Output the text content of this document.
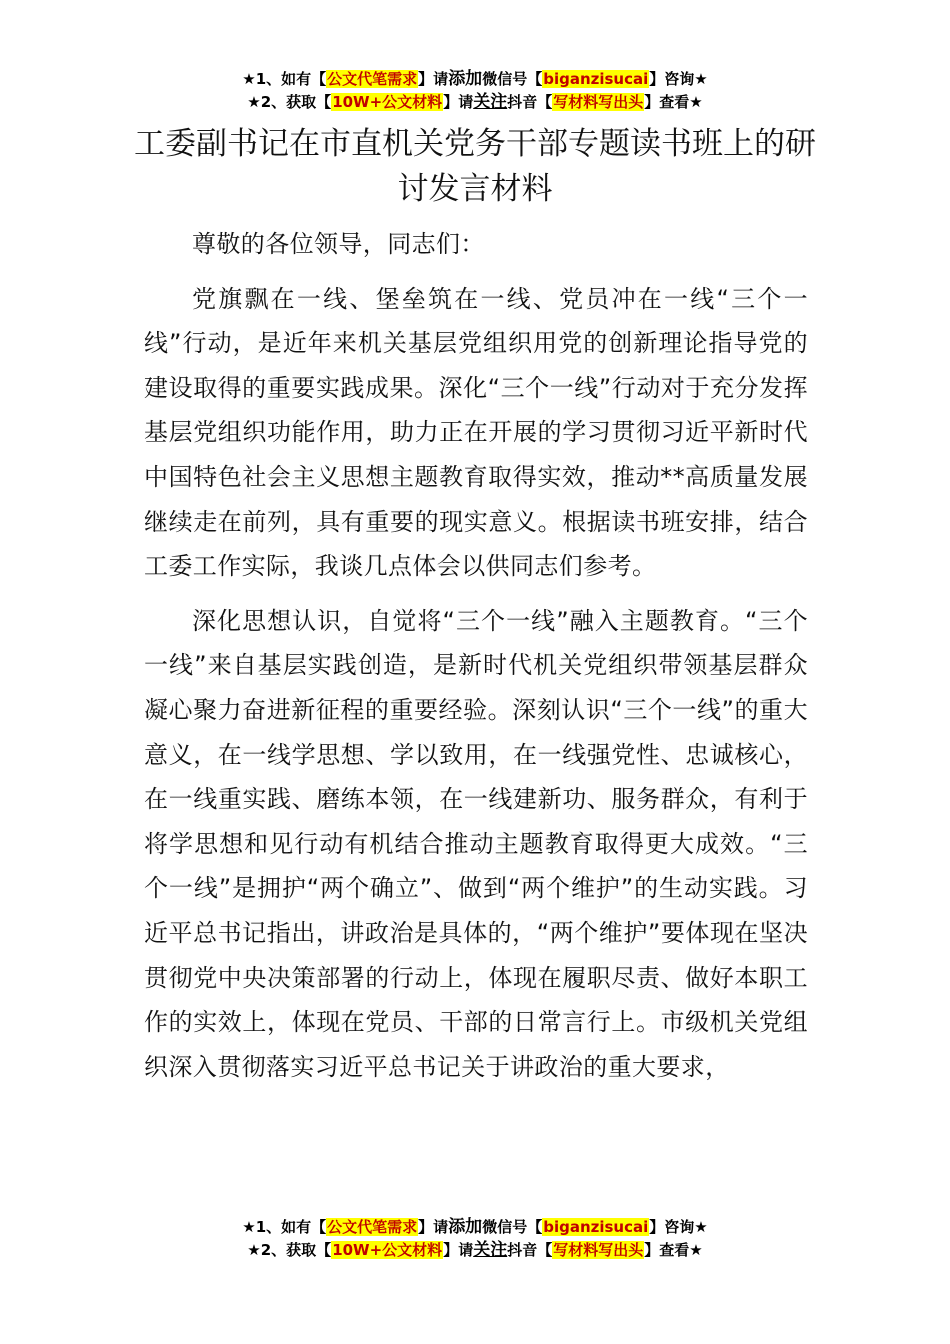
★1、如有【公文代笔需求】请添加微信号【biganzisucai】咨询★
★2、获取【10W+公文材料】请关注抖音【写材料写出头】查看★
工委副书记在市直机关党务干部专题读书班上的研讨发言材料

尊敬的各位领导，同志们：

党旗飘在一线、堡垒筑在一线、党员冲在一线“三个一线”行动，是近年来机关基层党组织用党的创新理论指导党的建设取得的重要实践成果。深化“三个一线”行动对于充分发挥基层党组织功能作用，助力正在开展的学习贯彻习近平新时代中国特色社会主义思想主题教育取得实效，推动**高质量发展继续走在前列，具有重要的现实意义。根据读书班安排，结合工委工作实际，我谈几点体会以供同志们参考。

深化思想认识，自觉将“三个一线”融入主题教育。“三个一线”来自基层实践创造，是新时代机关党组织带领基层群众凝心聚力奋进新征程的重要经验。深刻认识“三个一线”的重大意义，在一线学思想、学以致用，在一线强党性、忠诚核心，在一线重实践、磨练本领，在一线建新功、服务群众，有利于将学思想和见行动有机结合推动主题教育取得更大成效。“三个一线”是拥护“两个确立”、做到“两个维护”的生动实践。习近平总书记指出，讲政治是具体的，“两个维护”要体现在坚决贯彻党中央决策部署的行动上，体现在履职尽责、做好本职工作的实效上，体现在党员、干部的日常言行上。市级机关党组织深入贯彻落实习近平总书记关于讲政治的重大要求，

★1、如有【公文代笔需求】请添加微信号【biganzisucai】咨询★
★2、获取【10W+公文材料】请关注抖音【写材料写出头】查看★
